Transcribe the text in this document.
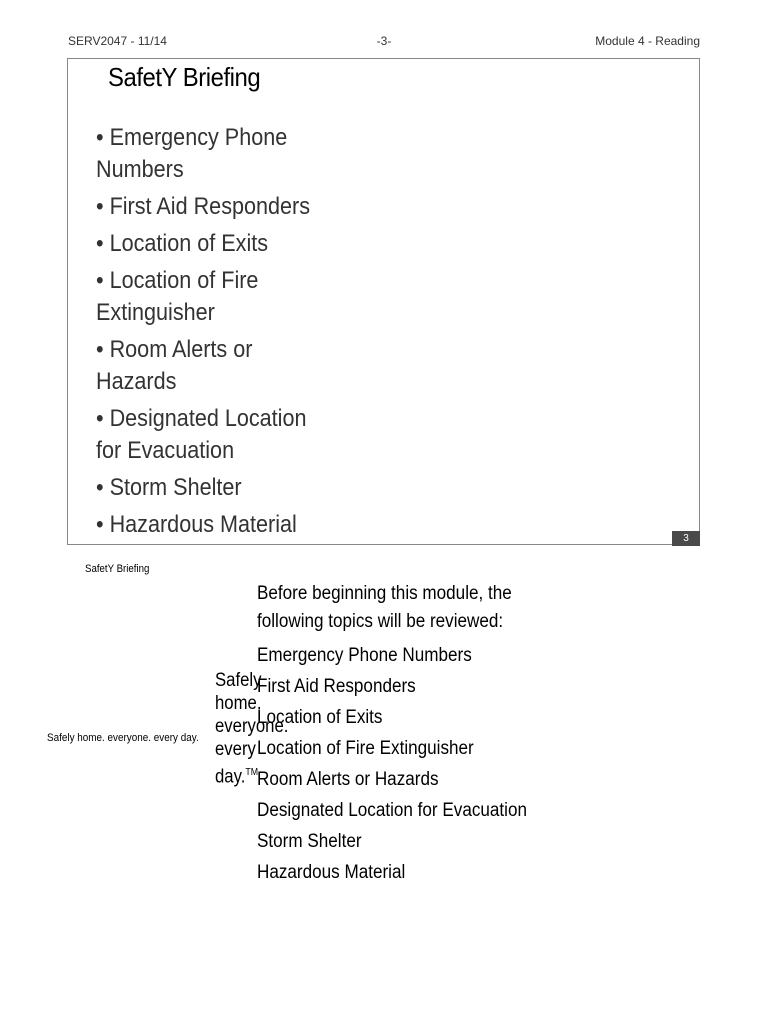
SERV2047 - 11/14	-3-	Module 4 - Reading
SafetY Briefing
• Emergency Phone Numbers
• First Aid Responders
• Location of Exits
• Location of Fire Extinguisher
• Room Alerts or Hazards
• Designated Location for Evacuation
• Storm Shelter
• Hazardous Material
3
SafetY Briefing

Before beginning this module, the following topics will be reviewed:

Emergency Phone Numbers
First Aid Responders
Location of Exits
Location of Fire Extinguisher
Room Alerts or Hazards
Designated Location for Evacuation
Storm Shelter
Hazardous Material

Safely home. everyone. every day.™

Safely home. everyone. every day.
